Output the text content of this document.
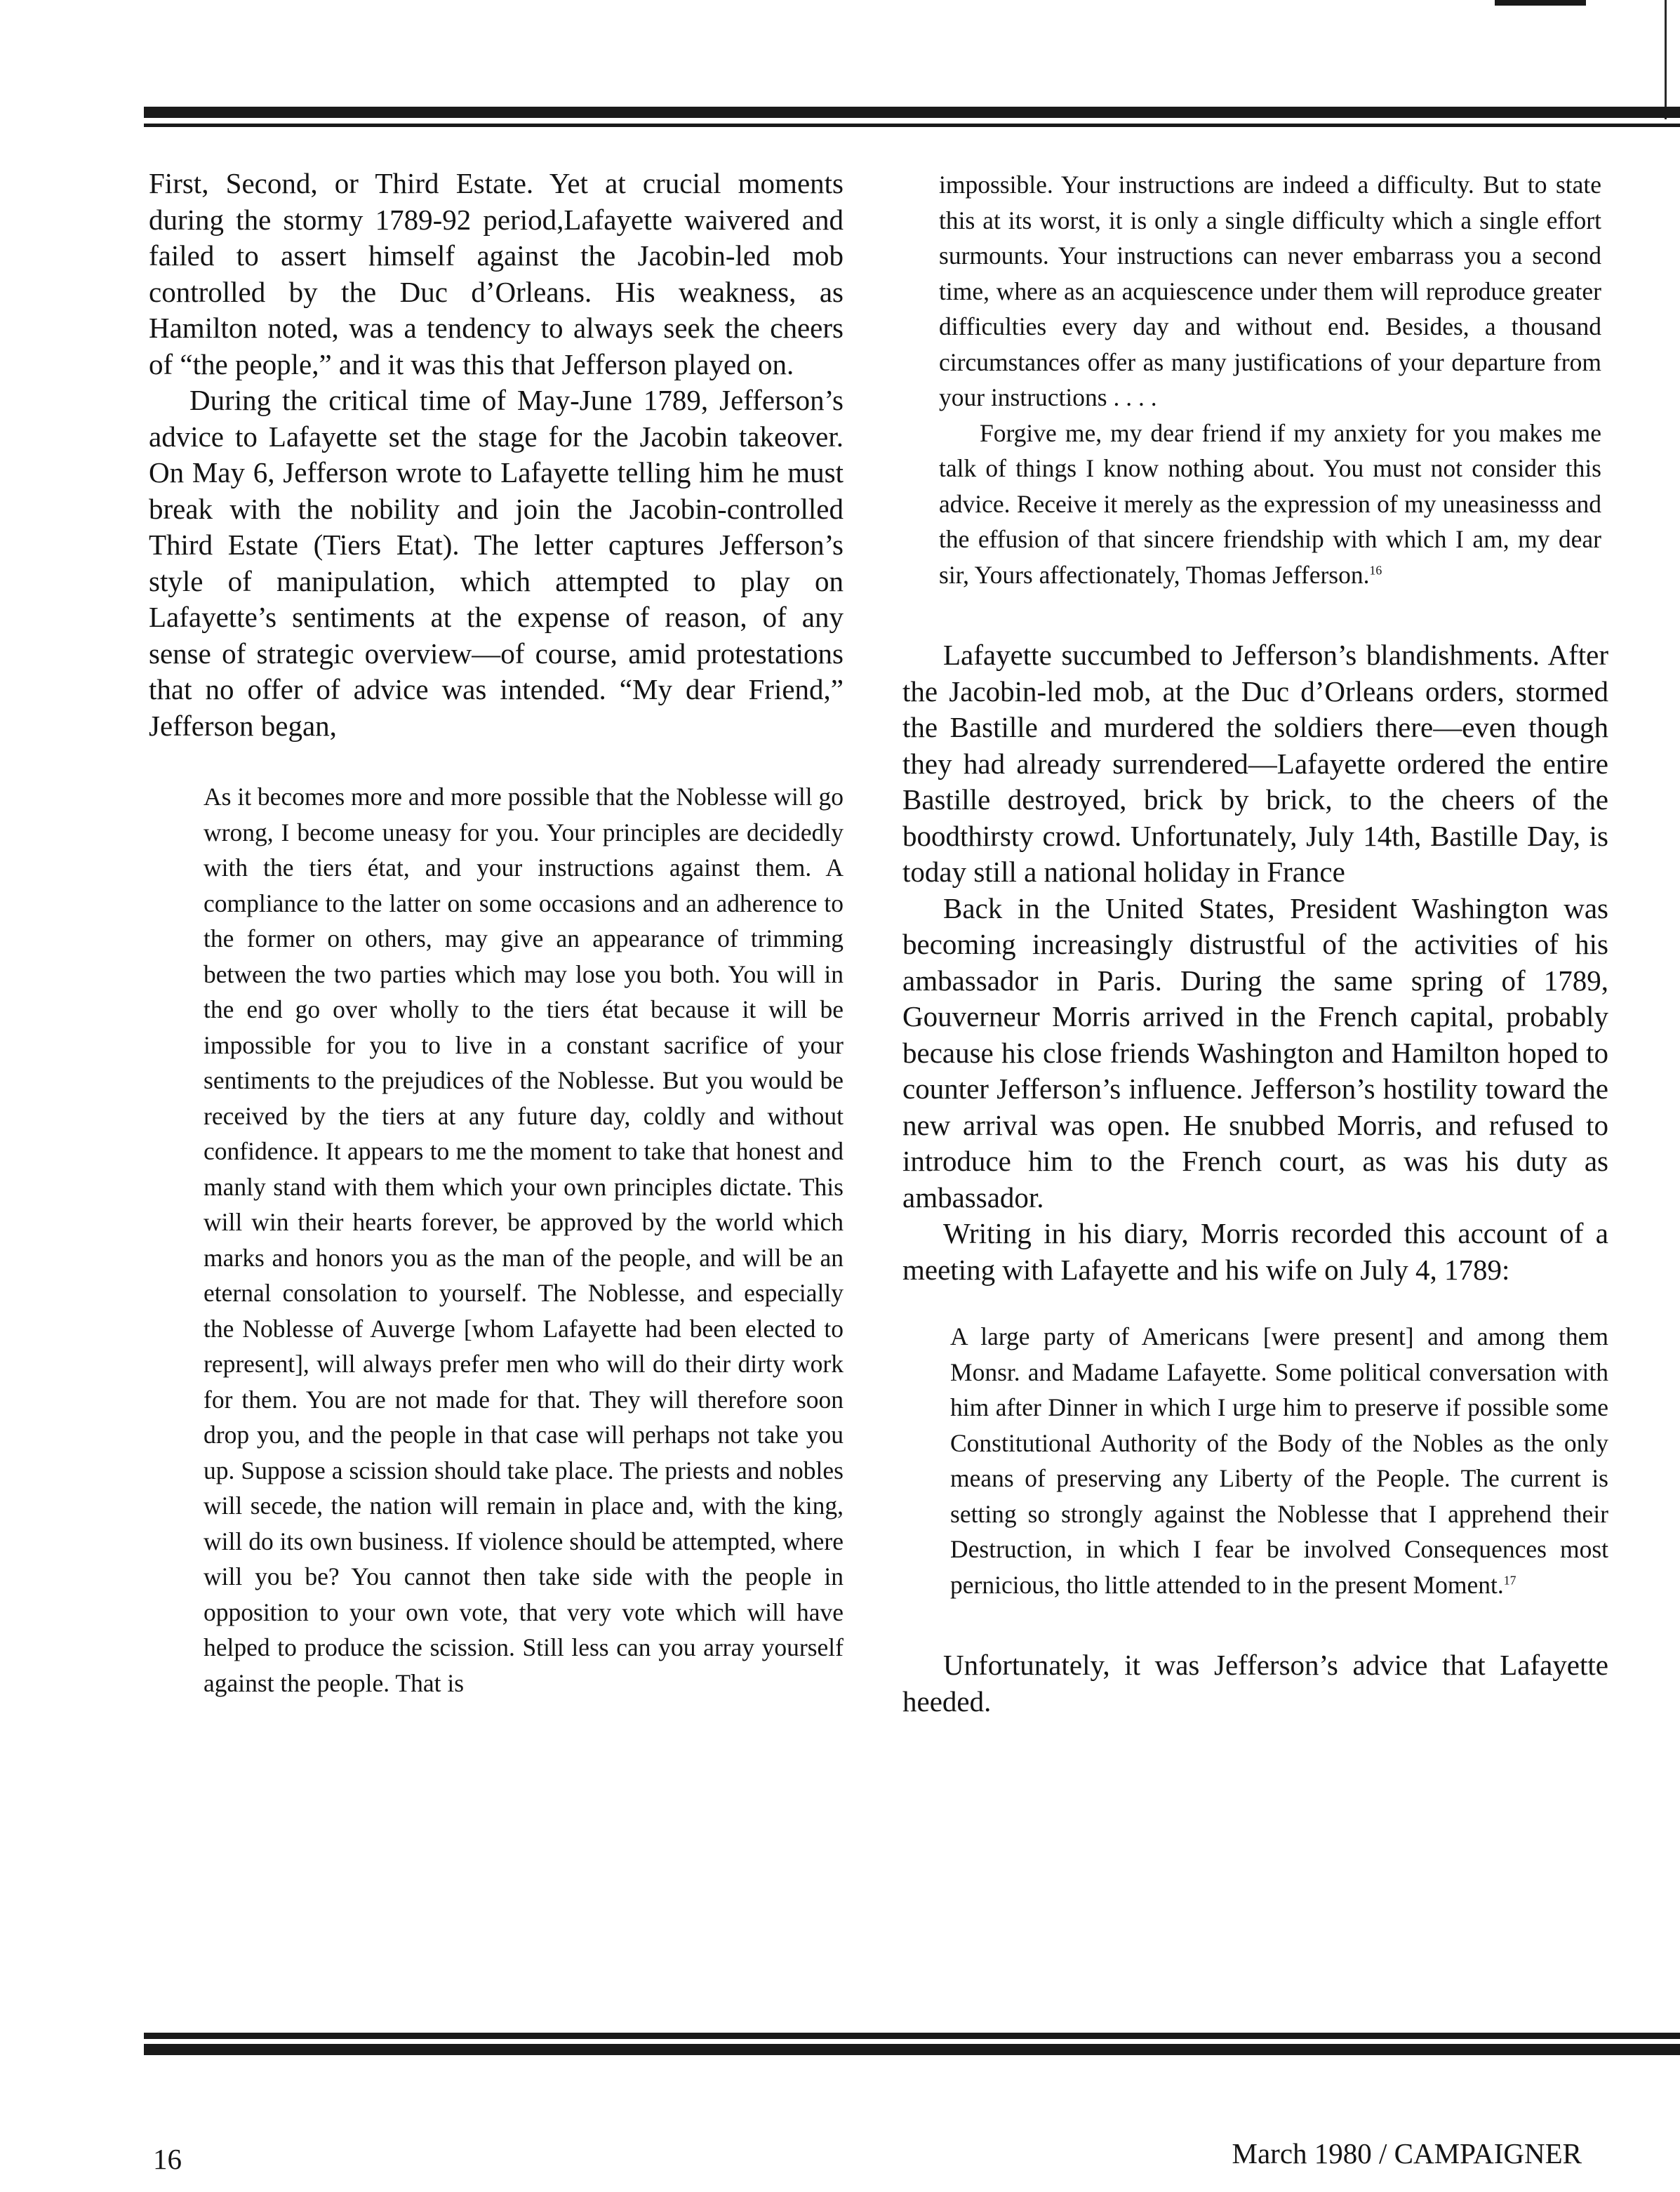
First, Second, or Third Estate. Yet at crucial moments during the stormy 1789-92 period,Lafayette waivered and failed to assert himself against the Jacobin-led mob controlled by the Duc d’Orleans. His weakness, as Hamilton noted, was a tendency to always seek the cheers of “the people,” and it was this that Jefferson played on.

During the critical time of May-June 1789, Jefferson’s advice to Lafayette set the stage for the Jacobin takeover. On May 6, Jefferson wrote to Lafayette telling him he must break with the nobility and join the Jacobin-controlled Third Estate (Tiers Etat). The letter captures Jefferson’s style of manipulation, which attempted to play on Lafayette’s sentiments at the expense of reason, of any sense of strategic overview—of course, amid protestations that no offer of advice was intended. “My dear Friend,” Jefferson began,

As it becomes more and more possible that the Noblesse will go wrong, I become uneasy for you. Your principles are decidedly with the tiers état, and your instructions against them. A compliance to the latter on some occasions and an adherence to the former on others, may give an appearance of trimming between the two parties which may lose you both. You will in the end go over wholly to the tiers état because it will be impossible for you to live in a constant sacrifice of your sentiments to the prejudices of the Noblesse. But you would be received by the tiers at any future day, coldly and without confidence. It appears to me the moment to take that honest and manly stand with them which your own principles dictate. This will win their hearts forever, be approved by the world which marks and honors you as the man of the people, and will be an eternal consolation to yourself. The Noblesse, and especially the Noblesse of Auverge [whom Lafayette had been elected to represent], will always prefer men who will do their dirty work for them. You are not made for that. They will therefore soon drop you, and the people in that case will perhaps not take you up. Suppose a scission should take place. The priests and nobles will secede, the nation will remain in place and, with the king, will do its own business. If violence should be attempted, where will you be? You cannot then take side with the people in opposition to your own vote, that very vote which will have helped to produce the scission. Still less can you array yourself against the people. That is

impossible. Your instructions are indeed a difficulty. But to state this at its worst, it is only a single difficulty which a single effort surmounts. Your instructions can never embarrass you a second time, where as an acquiescence under them will reproduce greater difficulties every day and without end. Besides, a thousand circumstances offer as many justifications of your departure from your instructions . . . .

Forgive me, my dear friend if my anxiety for you makes me talk of things I know nothing about. You must not consider this advice. Receive it merely as the expression of my uneasinesss and the effusion of that sincere friendship with which I am, my dear sir, Yours affectionately, Thomas Jefferson.$^{16}$

Lafayette succumbed to Jefferson’s blandishments. After the Jacobin-led mob, at the Duc d’Orleans orders, stormed the Bastille and murdered the soldiers there—even though they had already surrendered—Lafayette ordered the entire Bastille destroyed, brick by brick, to the cheers of the boodthirsty crowd. Unfortunately, July 14th, Bastille Day, is today still a national holiday in France

Back in the United States, President Washington was becoming increasingly distrustful of the activities of his ambassador in Paris. During the same spring of 1789, Gouverneur Morris arrived in the French capital, probably because his close friends Washington and Hamilton hoped to counter Jefferson’s influence. Jefferson’s hostility toward the new arrival was open. He snubbed Morris, and refused to introduce him to the French court, as was his duty as ambassador.

Writing in his diary, Morris recorded this account of a meeting with Lafayette and his wife on July 4, 1789:

A large party of Americans [were present] and among them Monsr. and Madame Lafayette. Some political conversation with him after Dinner in which I urge him to preserve if possible some Constitutional Authority of the Body of the Nobles as the only means of preserving any Liberty of the People. The current is setting so strongly against the Noblesse that I apprehend their Destruction, in which I fear be involved Consequences most pernicious, tho little attended to in the present Moment.$^{17}$

Unfortunately, it was Jefferson’s advice that Lafayette heeded.

16	March 1980 / CAMPAIGNER
